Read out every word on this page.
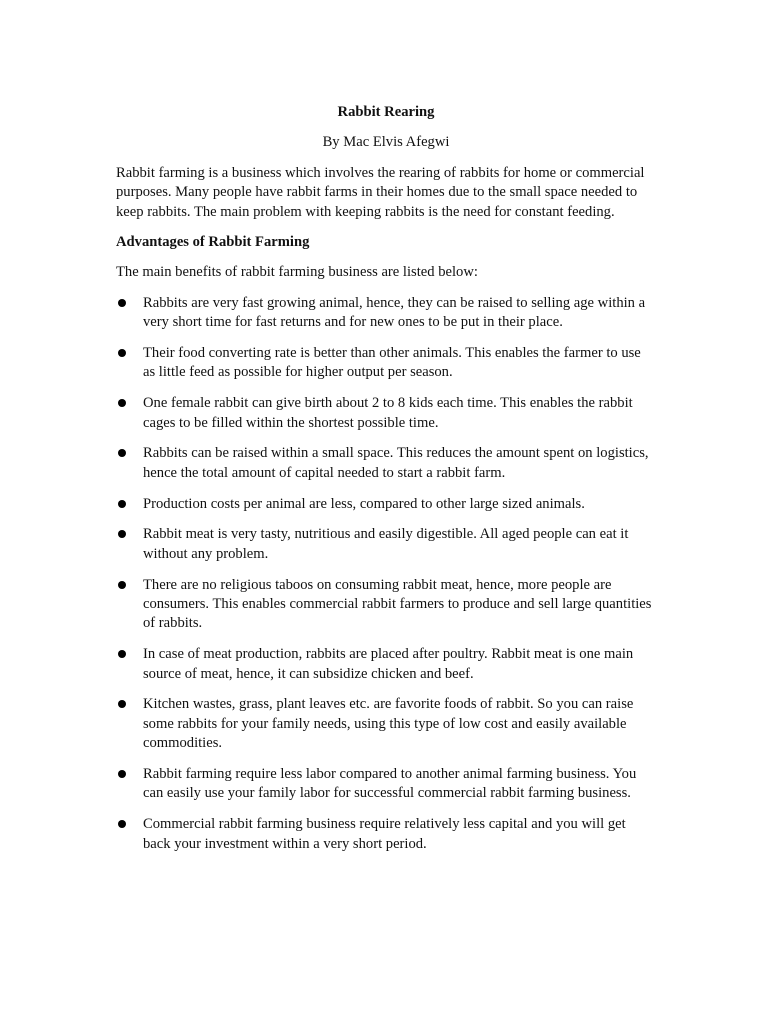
Rabbit Rearing
By Mac Elvis Afegwi

Rabbit farming is a business which involves the rearing of rabbits for home or commercial purposes. Many people have rabbit farms in their homes due to the small space needed to keep rabbits. The main problem with keeping rabbits is the need for constant feeding.

Advantages of Rabbit Farming

The main benefits of rabbit farming business are listed below:

Rabbits are very fast growing animal, hence, they can be raised to selling age within a very short time for fast returns and for new ones to be put in their place.
Their food converting rate is better than other animals. This enables the farmer to use as little feed as possible for higher output per season.
One female rabbit can give birth about 2 to 8 kids each time. This enables the rabbit cages to be filled within the shortest possible time.
Rabbits can be raised within a small space. This reduces the amount spent on logistics, hence the total amount of capital needed to start a rabbit farm.
Production costs per animal are less, compared to other large sized animals.
Rabbit meat is very tasty, nutritious and easily digestible. All aged people can eat it without any problem.
There are no religious taboos on consuming rabbit meat, hence, more people are consumers. This enables commercial rabbit farmers to produce and sell large quantities of rabbits.
In case of meat production, rabbits are placed after poultry. Rabbit meat is one main source of meat, hence, it can subsidize chicken and beef.
Kitchen wastes, grass, plant leaves etc. are favorite foods of rabbit. So you can raise some rabbits for your family needs, using this type of low cost and easily available commodities.
Rabbit farming require less labor compared to another animal farming business. You can easily use your family labor for successful commercial rabbit farming business.
Commercial rabbit farming business require relatively less capital and you will get back your investment within a very short period.
